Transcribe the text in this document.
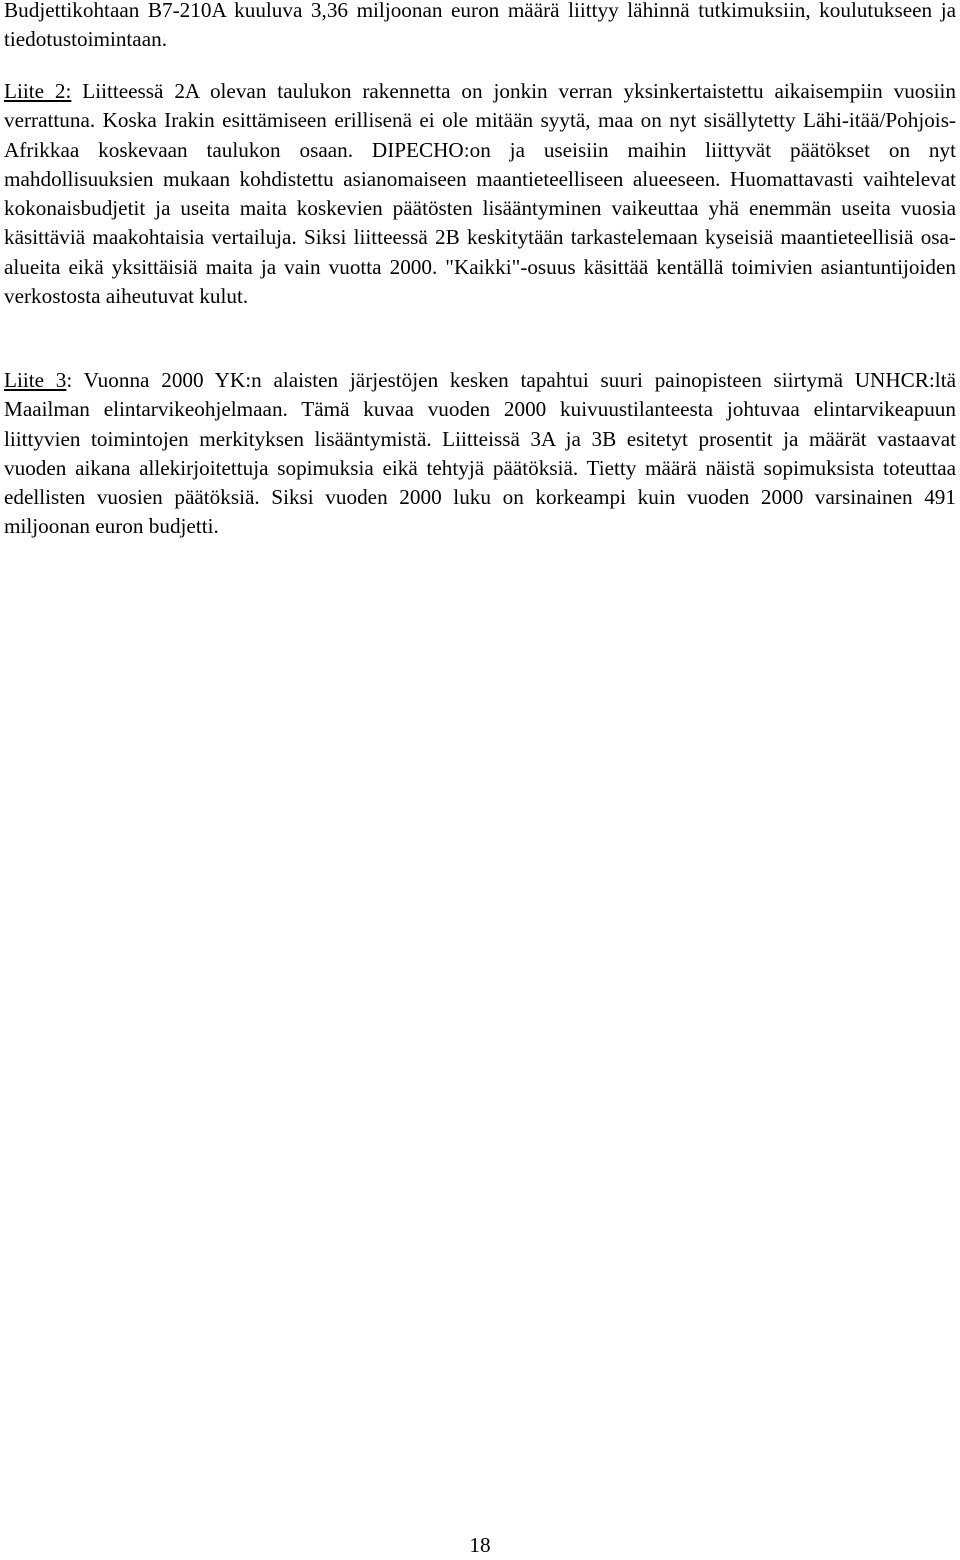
Budjettikohtaan B7-210A kuuluva 3,36 miljoonan euron määrä liittyy lähinnä tutkimuksiin, koulutukseen ja tiedotustoimintaan.

Liite 2: Liitteessä 2A olevan taulukon rakennetta on jonkin verran yksinkertaistettu aikaisempiin vuosiin verrattuna. Koska Irakin esittämiseen erillisenä ei ole mitään syytä, maa on nyt sisällytetty Lähi-itää/Pohjois-Afrikkaa koskevaan taulukon osaan. DIPECHO:on ja useisiin maihin liittyvät päätökset on nyt mahdollisuuksien mukaan kohdistettu asianomaiseen maantieteelliseen alueeseen. Huomattavasti vaihtelevat kokonaisbudjetit ja useita maita koskevien päätösten lisääntyminen vaikeuttaa yhä enemmän useita vuosia käsittäviä maakohtaisia vertailuja. Siksi liitteessä 2B keskitytään tarkastelemaan kyseisiä maantieteellisiä osa-alueita eikä yksittäisiä maita ja vain vuotta 2000. "Kaikki"-osuus käsittää kentällä toimivien asiantuntijoiden verkostosta aiheutuvat kulut.

Liite 3: Vuonna 2000 YK:n alaisten järjestöjen kesken tapahtui suuri painopisteen siirtymä UNHCR:ltä Maailman elintarvikeohjelmaan. Tämä kuvaa vuoden 2000 kuivuustilanteesta johtuvaa elintarvikeapuun liittyvien toimintojen merkityksen lisääntymistä. Liitteissä 3A ja 3B esitetyt prosentit ja määrät vastaavat vuoden aikana allekirjoitettuja sopimuksia eikä tehtyjä päätöksiä. Tietty määrä näistä sopimuksista toteuttaa edellisten vuosien päätöksiä. Siksi vuoden 2000 luku on korkeampi kuin vuoden 2000 varsinainen 491 miljoonan euron budjetti.

18
